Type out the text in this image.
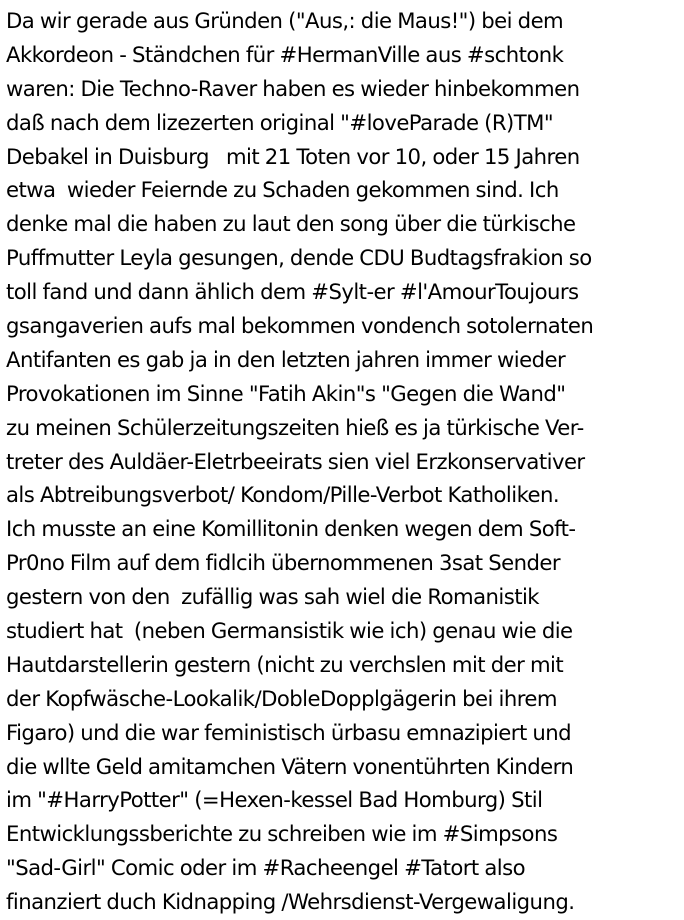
Da wir gerade aus Gründen ("Aus,: die Maus!") bei dem
Akkordeon - Ständchen für #HermanVille aus #schtonk
waren: Die Techno-Raver haben es wieder hinbekommen
daß nach dem lizezerten original "#loveParade (R)TM"
Debakel in Duisburg   mit 21 Toten vor 10, oder 15 Jahren
etwa  wieder Feiernde zu Schaden gekommen sind. Ich
denke mal die haben zu laut den song über die türkische
Puffmutter Leyla gesungen, dende CDU Budtagsfrakion so
toll fand und dann ählich dem #Sylt-er #l'AmourToujours
gsangaverien aufs mal bekommen vondench sotolernaten
Antifanten es gab ja in den letzten jahren immer wieder
Provokationen im Sinne "Fatih Akin"s "Gegen die Wand"
zu meinen Schülerzeitungszeiten hieß es ja türkische Ver-
treter des Auldäer-Eletrbeeirats sien viel Erzkonservativer
als Abtreibungsverbot/ Kondom/Pille-Verbot Katholiken.
Ich musste an eine Komillitonin denken wegen dem Soft-
Pr0no Film auf dem fidlcih übernommenen 3sat Sender
gestern von den  zufällig was sah wiel die Romanistik
studiert hat  (neben Germansistik wie ich) genau wie die
Hautdarstellerin gestern (nicht zu verchslen mit der mit
der Kopfwäsche-Lookalik/DobleDopplgägerin bei ihrem
Figaro) und die war feministisch ürbasu emnazipiert und
die wllte Geld amitamchen Vätern vonentührten Kindern
im "#HarryPotter" (=Hexen-kessel Bad Homburg) Stil
Entwicklungssberichte zu schreiben wie im #Simpsons
"Sad-Girl" Comic oder im #Racheengel #Tatort also
finanziert duch Kidnapping /Wehrsdienst-Vergewaligung.
